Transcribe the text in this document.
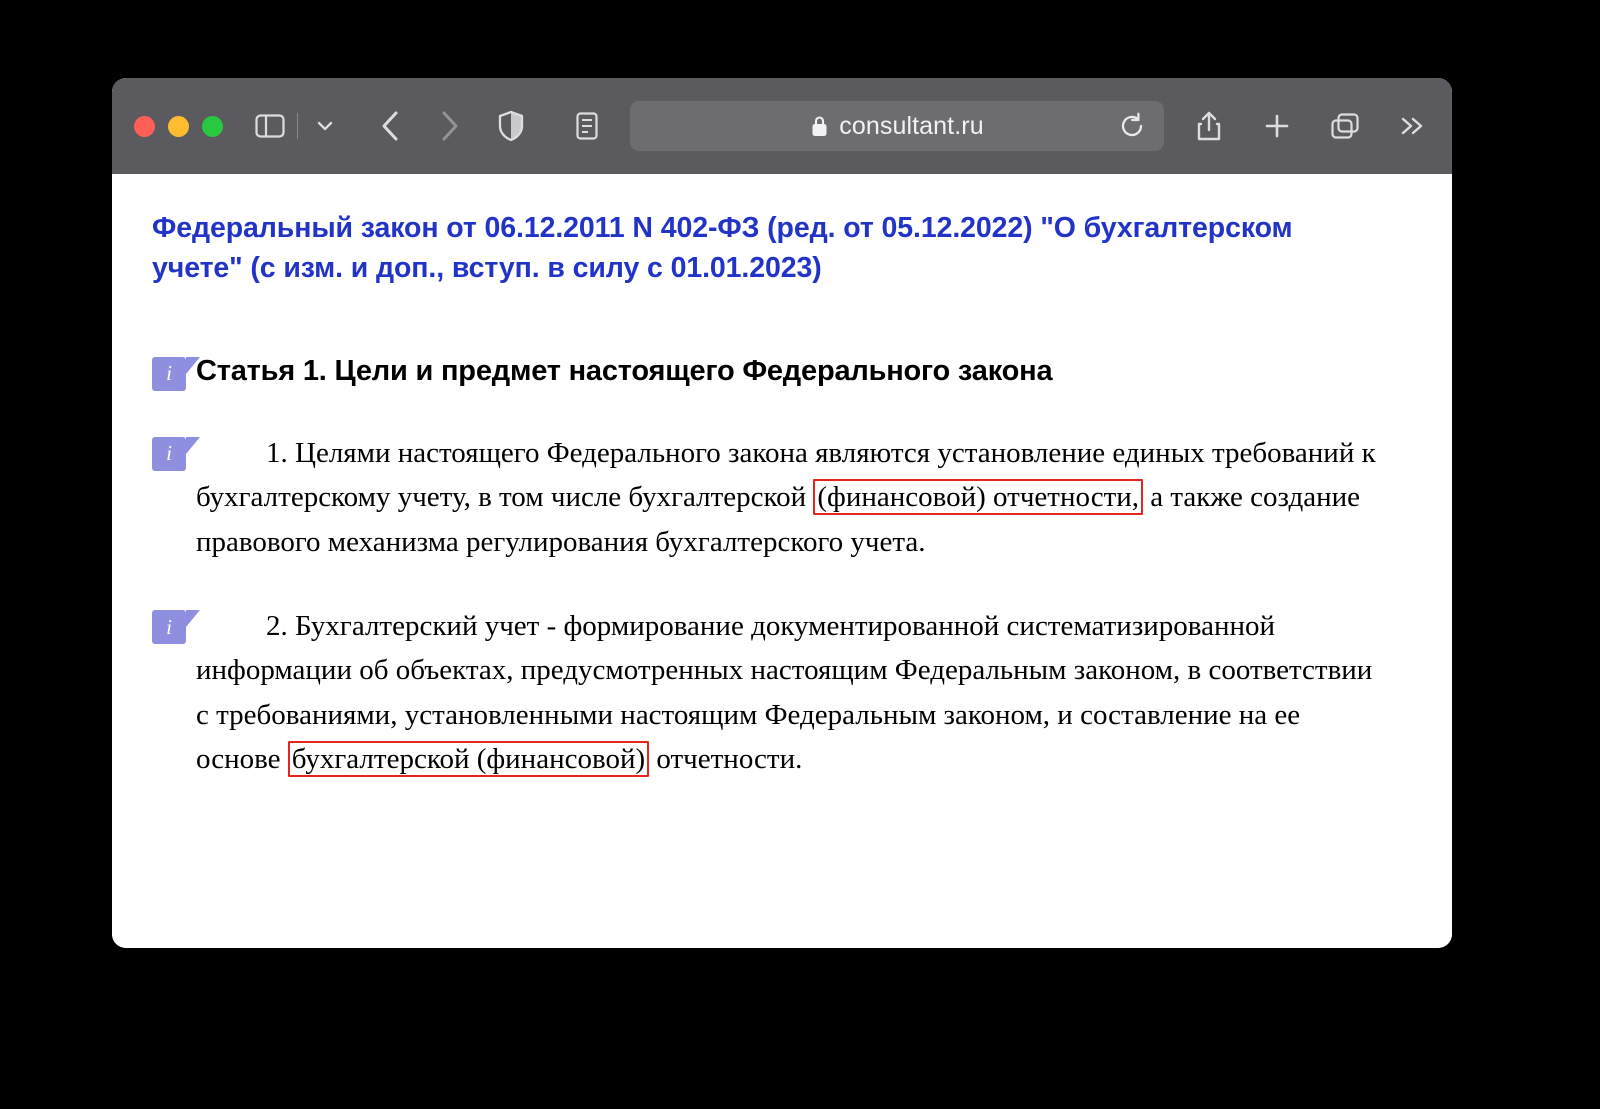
consultant.ru
Федеральный закон от 06.12.2011 N 402-ФЗ (ред. от 05.12.2022) "О бухгалтерском учете" (с изм. и доп., вступ. в силу с 01.01.2023)
i Статья 1. Цели и предмет настоящего Федерального закона
i	1. Целями настоящего Федерального закона являются установление единых требований к бухгалтерскому учету, в том числе бухгалтерской (финансовой) отчетности, а также создание правового механизма регулирования бухгалтерского учета.
i	2. Бухгалтерский учет - формирование документированной систематизированной информации об объектах, предусмотренных настоящим Федеральным законом, в соответствии с требованиями, установленными настоящим Федеральным законом, и составление на ее основе бухгалтерской (финансовой) отчетности.
